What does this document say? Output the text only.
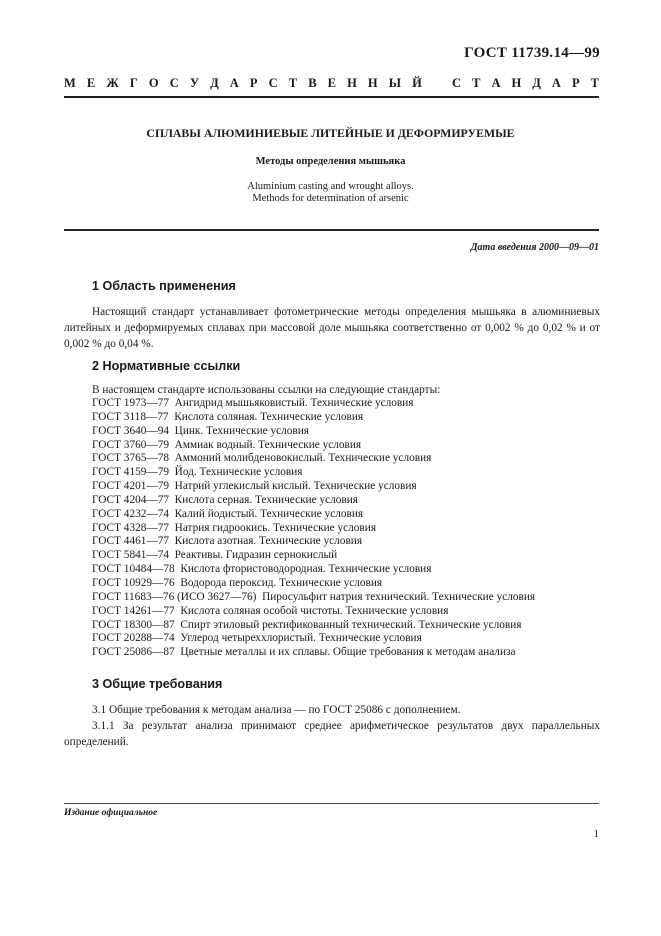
ГОСТ 11739.14—99
М Е Ж Г О С У Д А Р С Т В Е Н Н Ы Й С Т А Н Д А Р Т
СПЛАВЫ АЛЮМИНИЕВЫЕ ЛИТЕЙНЫЕ И ДЕФОРМИРУЕМЫЕ
Методы определения мышьяка
Aluminium casting and wrought alloys.
Methods for determination of arsenic
Дата введения 2000—09—01
1 Область применения

Настоящий стандарт устанавливает фотометрические методы определения мышьяка в алюминиевых литейных и деформируемых сплавах при массовой доле мышьяка соответственно от 0,002 % до 0,02 % и от 0,002 % до 0,04 %.

2 Нормативные ссылки

В настоящем стандарте использованы ссылки на следующие стандарты:

ГОСТ 1973—77 Ангидрид мышьяковистый. Технические условия
ГОСТ 3118—77 Кислота соляная. Технические условия
ГОСТ 3640—94 Цинк. Технические условия
ГОСТ 3760—79 Аммиак водный. Технические условия
ГОСТ 3765—78 Аммоний молибденовокислый. Технические условия
ГОСТ 4159—79 Йод. Технические условия
ГОСТ 4201—79 Натрий углекислый кислый. Технические условия
ГОСТ 4204—77 Кислота серная. Технические условия
ГОСТ 4232—74 Калий йодистый. Технические условия
ГОСТ 4328—77 Натрия гидроокись. Технические условия
ГОСТ 4461—77 Кислота азотная. Технические условия
ГОСТ 5841—74 Реактивы. Гидразин сернокислый
ГОСТ 10484—78 Кислота фтористоводородная. Технические условия
ГОСТ 10929—76 Водорода пероксид. Технические условия
ГОСТ 11683—76 (ИСО 3627—76) Пиросульфит натрия технический. Технические условия
ГОСТ 14261—77 Кислота соляная особой чистоты. Технические условия
ГОСТ 18300—87 Спирт этиловый ректификованный технический. Технические условия
ГОСТ 20288—74 Углерод четыреххлористый. Технические условия
ГОСТ 25086—87 Цветные металлы и их сплавы. Общие требования к методам анализа
3 Общие требования

3.1 Общие требования к методам анализа — по ГОСТ 25086 с дополнением.

3.1.1 За результат анализа принимают среднее арифметическое результатов двух параллельных определений.

Издание официальное
1
